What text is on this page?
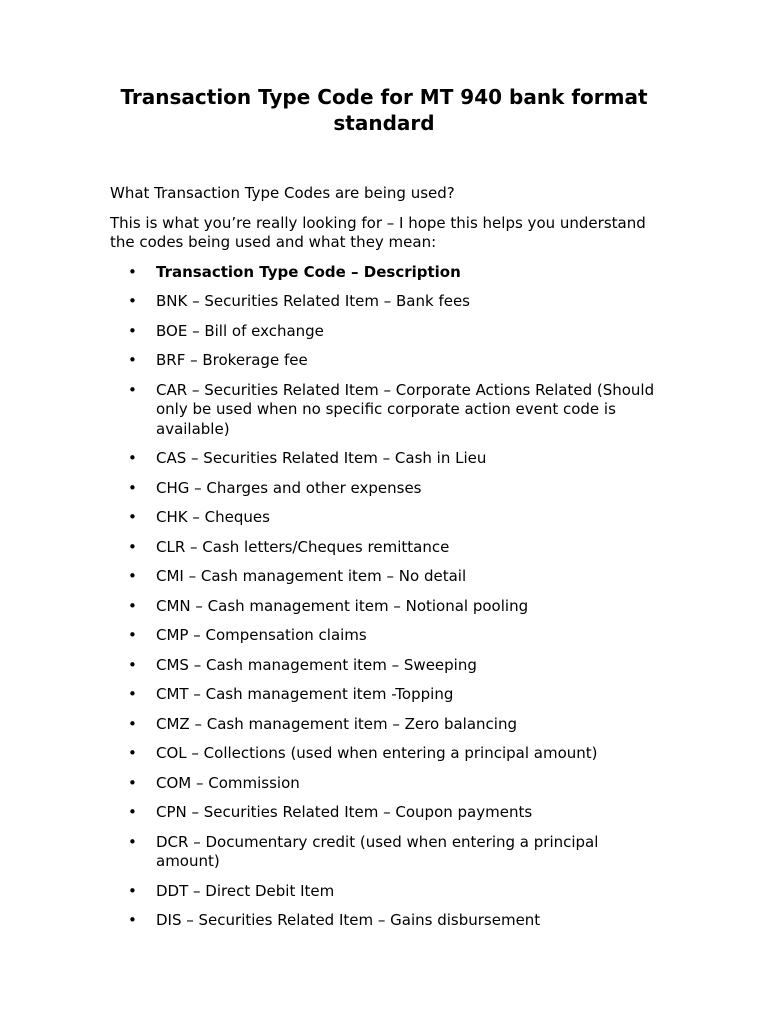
Transaction Type Code for MT 940 bank format standard

What Transaction Type Codes are being used?

This is what you’re really looking for – I hope this helps you understand the codes being used and what they mean:

• Transaction Type Code – Description
• BNK – Securities Related Item – Bank fees
• BOE – Bill of exchange
• BRF – Brokerage fee
• CAR – Securities Related Item – Corporate Actions Related (Should only be used when no specific corporate action event code is available)
• CAS – Securities Related Item – Cash in Lieu
• CHG – Charges and other expenses
• CHK – Cheques
• CLR – Cash letters/Cheques remittance
• CMI – Cash management item – No detail
• CMN – Cash management item – Notional pooling
• CMP – Compensation claims
• CMS – Cash management item – Sweeping
• CMT – Cash management item -Topping
• CMZ – Cash management item – Zero balancing
• COL – Collections (used when entering a principal amount)
• COM – Commission
• CPN – Securities Related Item – Coupon payments
• DCR – Documentary credit (used when entering a principal amount)
• DDT – Direct Debit Item
• DIS – Securities Related Item – Gains disbursement
